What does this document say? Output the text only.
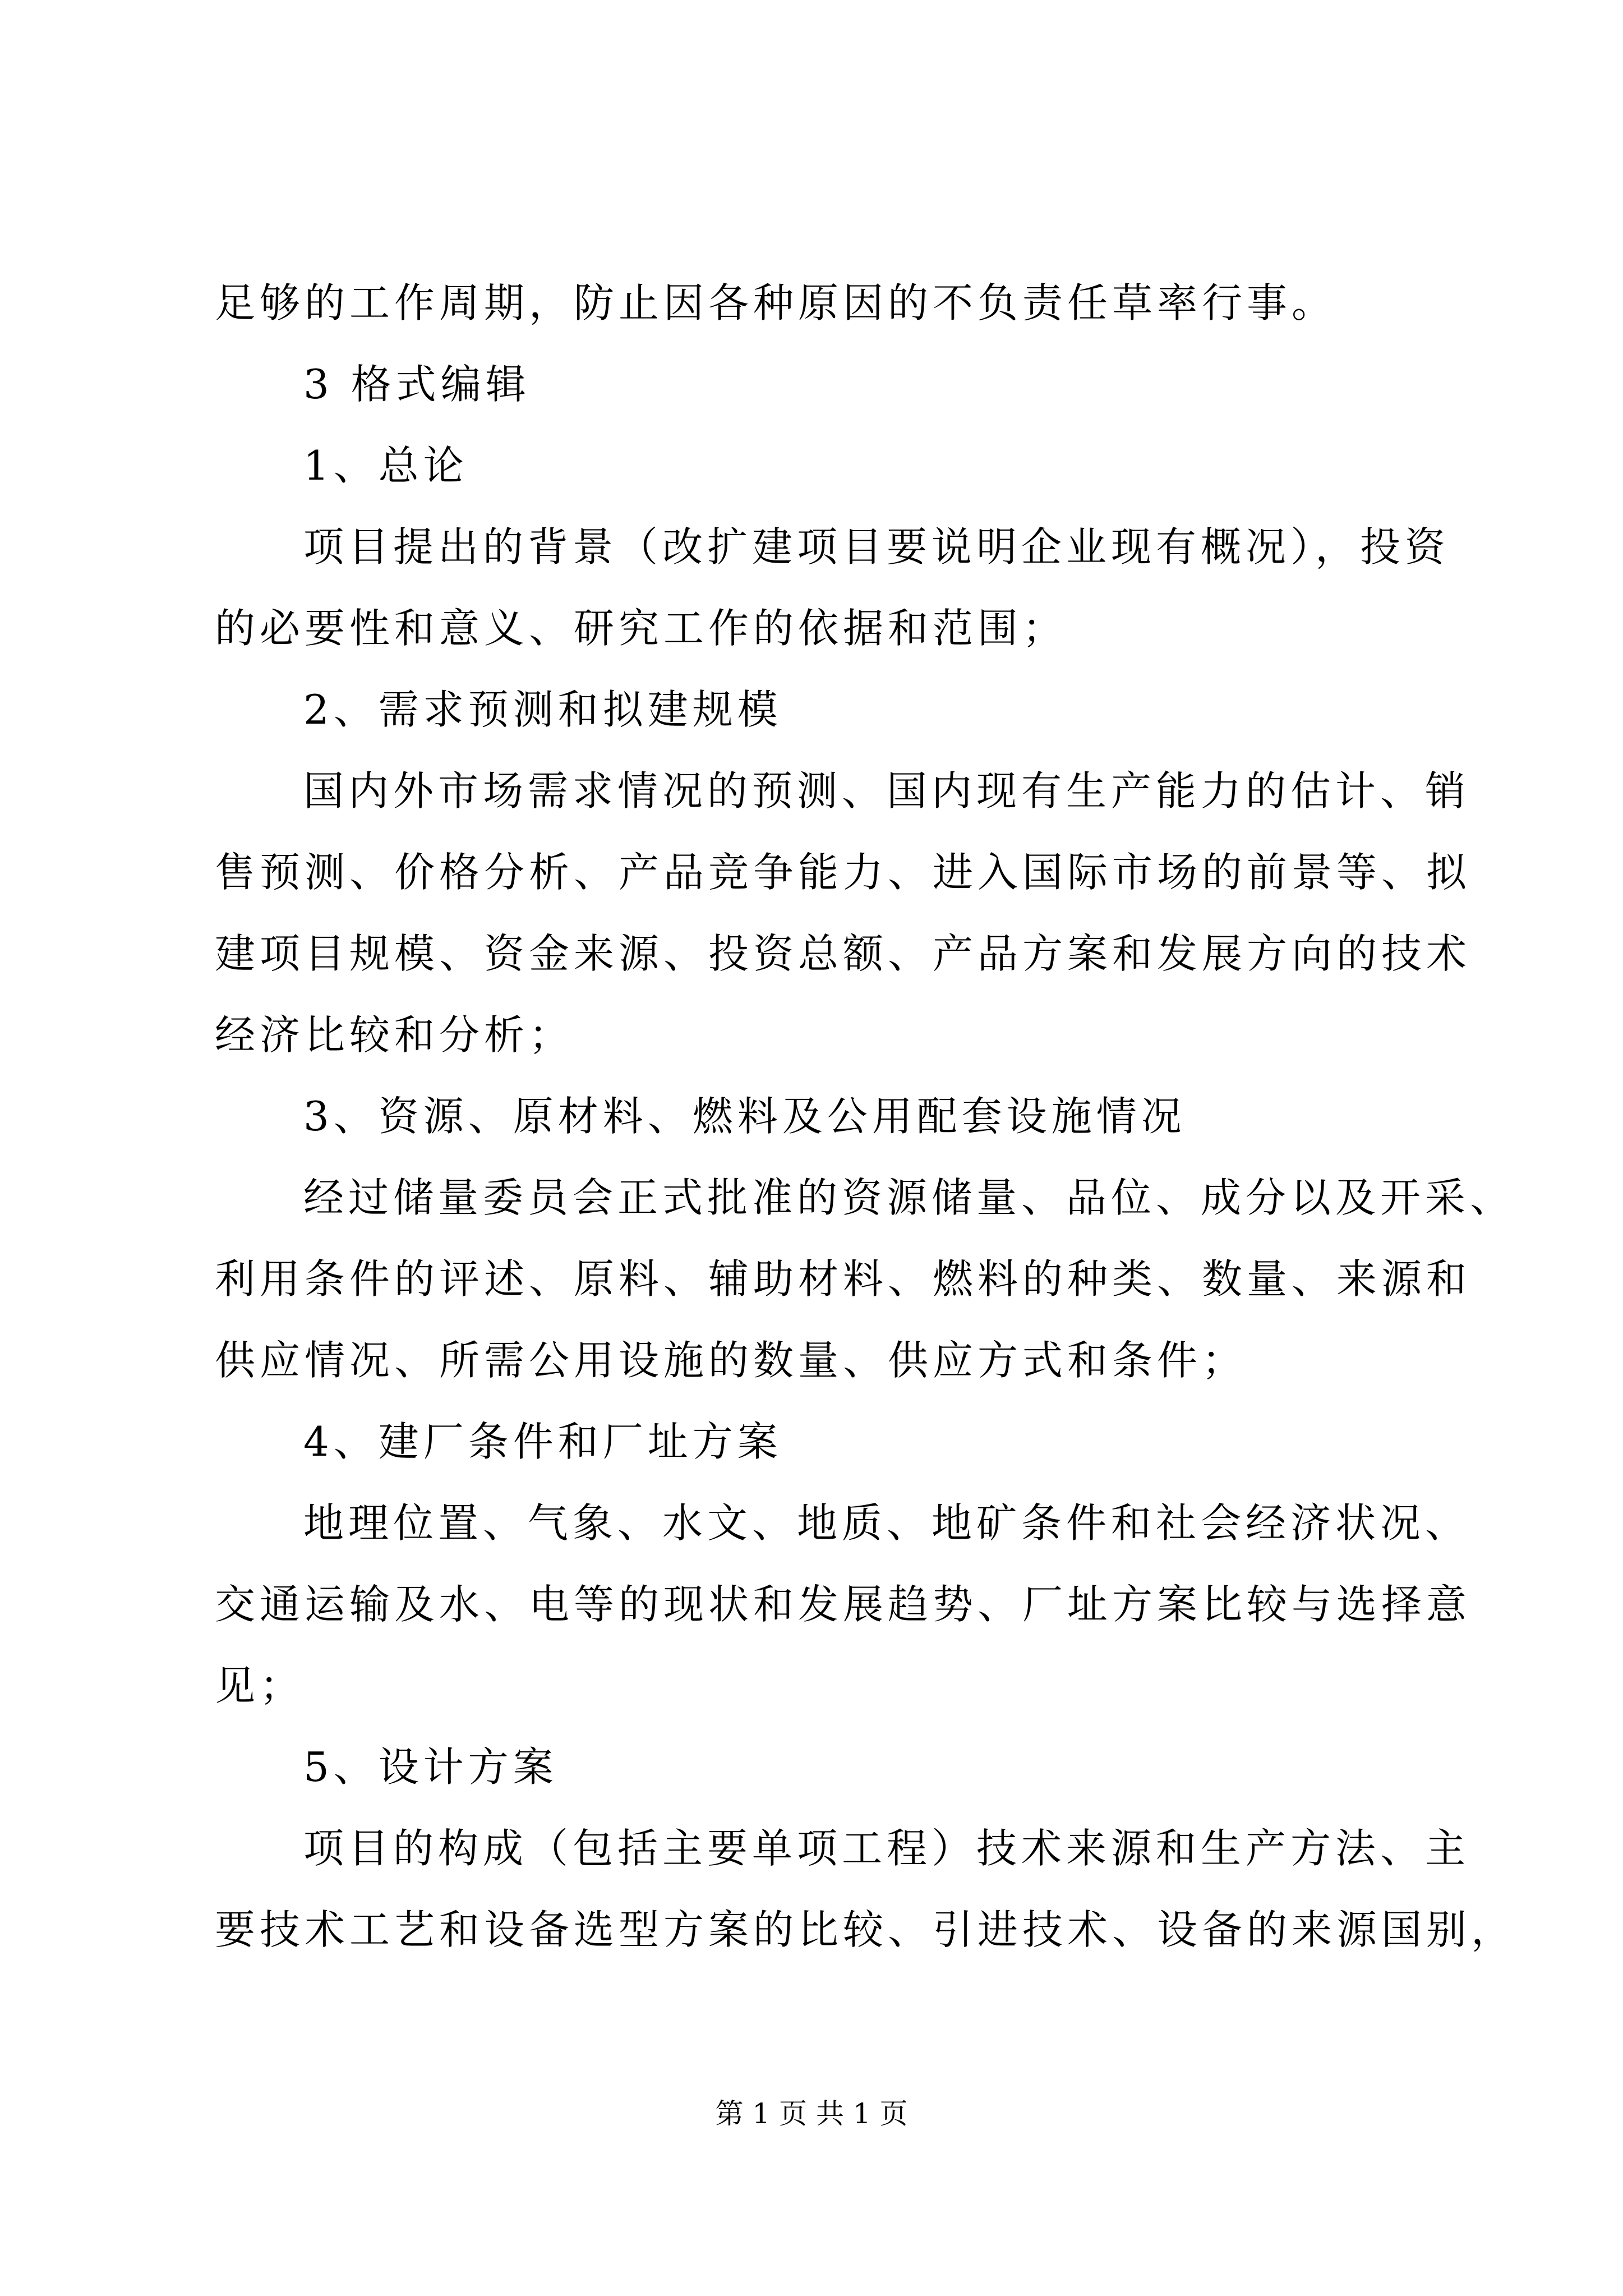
足够的工作周期，防止因各种原因的不负责任草率行事。

3 格式编辑

1、总论

项目提出的背景（改扩建项目要说明企业现有概况），投资

的必要性和意义、研究工作的依据和范围；

2、需求预测和拟建规模

国内外市场需求情况的预测、国内现有生产能力的估计、销

售预测、价格分析、产品竞争能力、进入国际市场的前景等、拟

建项目规模、资金来源、投资总额、产品方案和发展方向的技术

经济比较和分析；

3、资源、原材料、燃料及公用配套设施情况

经过储量委员会正式批准的资源储量、品位、成分以及开采、

利用条件的评述、原料、辅助材料、燃料的种类、数量、来源和

供应情况、所需公用设施的数量、供应方式和条件；

4、建厂条件和厂址方案

地理位置、气象、水文、地质、地矿条件和社会经济状况、

交通运输及水、电等的现状和发展趋势、厂址方案比较与选择意

见；

5、设计方案

项目的构成（包括主要单项工程）技术来源和生产方法、主

要技术工艺和设备选型方案的比较、引进技术、设备的来源国别，

第 1 页 共 1 页
